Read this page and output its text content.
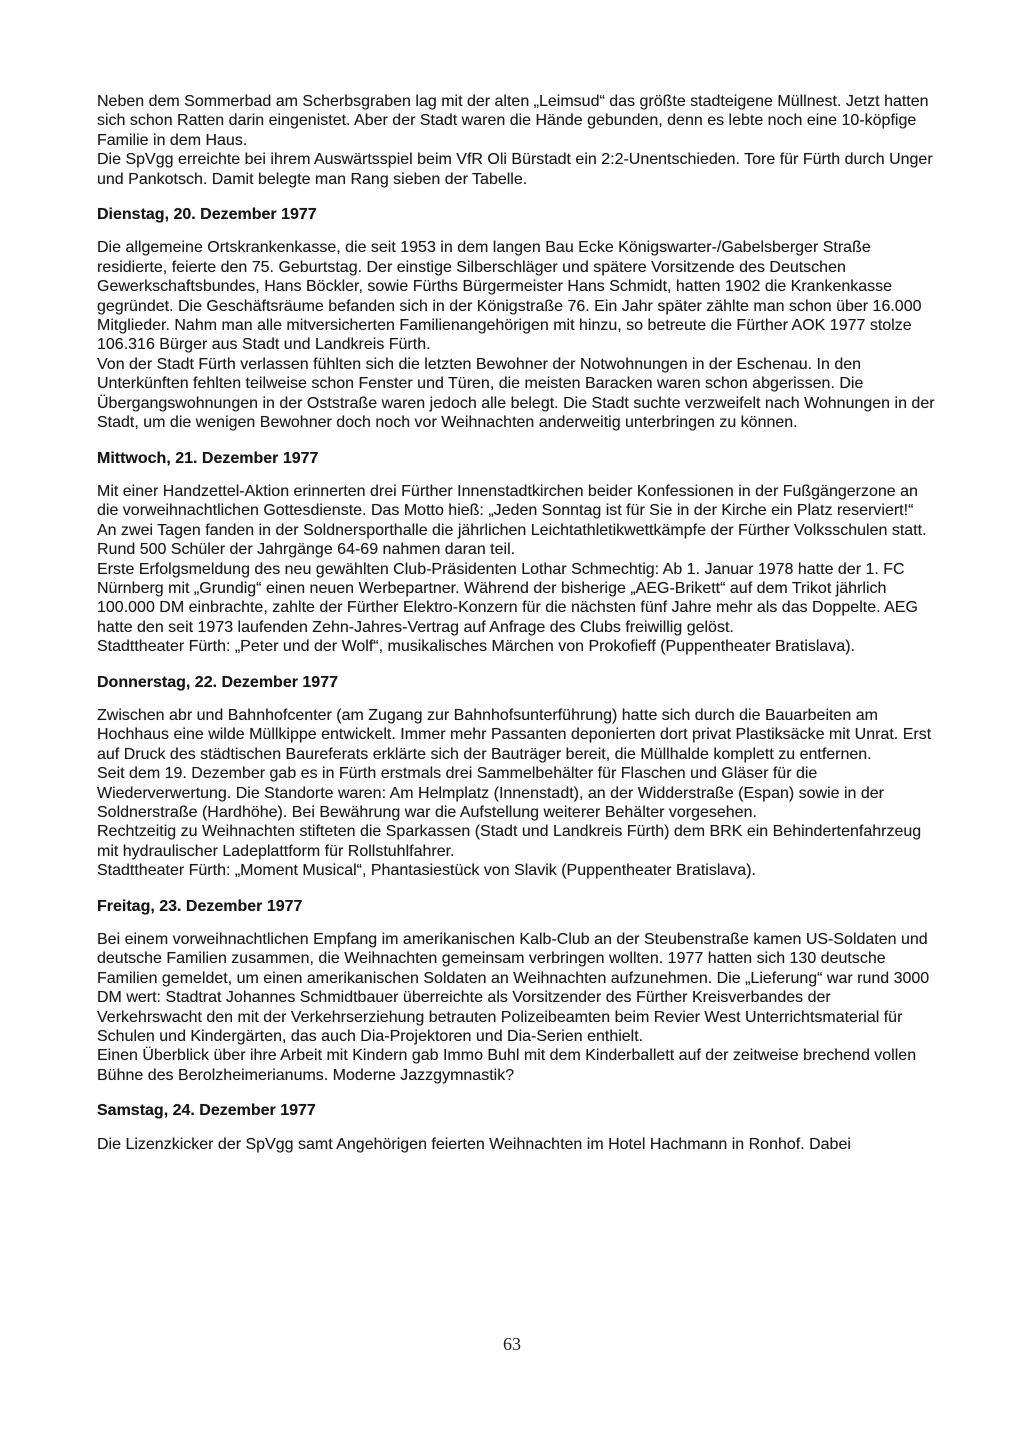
Neben dem Sommerbad am Scherbsgraben lag mit der alten „Leimsud“ das größte stadteigene Müllnest. Jetzt hatten sich schon Ratten darin eingenistet. Aber der Stadt waren die Hände gebunden, denn es lebte noch eine 10-köpfige Familie in dem Haus.

Die SpVgg erreichte bei ihrem Auswärtsspiel beim VfR Oli Bürstadt ein 2:2-Unentschieden. Tore für Fürth durch Unger und Pankotsch. Damit belegte man Rang sieben der Tabelle.

Dienstag, 20. Dezember 1977

Die allgemeine Ortskrankenkasse, die seit 1953 in dem langen Bau Ecke Königswarter-/Gabelsberger Straße residierte, feierte den 75. Geburtstag. Der einstige Silberschläger und spätere Vorsitzende des Deutschen Gewerkschaftsbundes, Hans Böckler, sowie Fürths Bürgermeister Hans Schmidt, hatten 1902 die Krankenkasse gegründet. Die Geschäftsräume befanden sich in der Königstraße 76. Ein Jahr später zählte man schon über 16.000 Mitglieder. Nahm man alle mitversicherten Familienangehörigen mit hinzu, so betreute die Fürther AOK 1977 stolze 106.316 Bürger aus Stadt und Landkreis Fürth.

Von der Stadt Fürth verlassen fühlten sich die letzten Bewohner der Notwohnungen in der Eschenau. In den Unterkünften fehlten teilweise schon Fenster und Türen, die meisten Baracken waren schon abgerissen. Die Übergangswohnungen in der Oststraße waren jedoch alle belegt. Die Stadt suchte verzweifelt nach Wohnungen in der Stadt, um die wenigen Bewohner doch noch vor Weihnachten anderweitig unterbringen zu können.

Mittwoch, 21. Dezember 1977

Mit einer Handzettel-Aktion erinnerten drei Fürther Innenstadtkirchen beider Konfessionen in der Fußgängerzone an die vorweihnachtlichen Gottesdienste. Das Motto hieß: „Jeden Sonntag ist für Sie in der Kirche ein Platz reserviert!“

An zwei Tagen fanden in der Soldnersporthalle die jährlichen Leichtathletikwettkämpfe der Fürther Volksschulen statt. Rund 500 Schüler der Jahrgänge 64-69 nahmen daran teil.

Erste Erfolgsmeldung des neu gewählten Club-Präsidenten Lothar Schmechtig: Ab 1. Januar 1978 hatte der 1. FC Nürnberg mit „Grundig“ einen neuen Werbepartner. Während der bisherige „AEG-Brikett“ auf dem Trikot jährlich 100.000 DM einbrachte, zahlte der Fürther Elektro-Konzern für die nächsten fünf Jahre mehr als das Doppelte. AEG hatte den seit 1973 laufenden Zehn-Jahres-Vertrag auf Anfrage des Clubs freiwillig gelöst.

Stadttheater Fürth: „Peter und der Wolf“, musikalisches Märchen von Prokofieff (Puppentheater Bratislava).

Donnerstag, 22. Dezember 1977

Zwischen abr und Bahnhofcenter (am Zugang zur Bahnhofsunterführung) hatte sich durch die Bauarbeiten am Hochhaus eine wilde Müllkippe entwickelt. Immer mehr Passanten deponierten dort privat Plastiksäcke mit Unrat. Erst auf Druck des städtischen Baureferats erklärte sich der Bauträger bereit, die Müllhalde komplett zu entfernen.

Seit dem 19. Dezember gab es in Fürth erstmals drei Sammelbehälter für Flaschen und Gläser für die Wiederverwertung. Die Standorte waren: Am Helmplatz (Innenstadt), an der Widderstraße (Espan) sowie in der Soldnerstraße (Hardhöhe). Bei Bewährung war die Aufstellung weiterer Behälter vorgesehen.

Rechtzeitig zu Weihnachten stifteten die Sparkassen (Stadt und Landkreis Fürth) dem BRK ein Behindertenfahrzeug mit hydraulischer Ladeplattform für Rollstuhlfahrer.

Stadttheater Fürth: „Moment Musical“, Phantasiestück von Slavik (Puppentheater Bratislava).

Freitag, 23. Dezember 1977

Bei einem vorweihnachtlichen Empfang im amerikanischen Kalb-Club an der Steubenstraße kamen US-Soldaten und deutsche Familien zusammen, die Weihnachten gemeinsam verbringen wollten. 1977 hatten sich 130 deutsche Familien gemeldet, um einen amerikanischen Soldaten an Weihnachten aufzunehmen. Die „Lieferung“ war rund 3000 DM wert: Stadtrat Johannes Schmidtbauer überreichte als Vorsitzender des Fürther Kreisverbandes der Verkehrswacht den mit der Verkehrserziehung betrauten Polizeibeamten beim Revier West Unterrichtsmaterial für Schulen und Kindergärten, das auch Dia-Projektoren und Dia-Serien enthielt.

Einen Überblick über ihre Arbeit mit Kindern gab Immo Buhl mit dem Kinderballett auf der zeitweise brechend vollen Bühne des Berolzheimerianums. Moderne Jazzgymnastik?

Samstag, 24. Dezember 1977

Die Lizenzkicker der SpVgg samt Angehörigen feierten Weihnachten im Hotel Hachmann in Ronhof. Dabei

63
